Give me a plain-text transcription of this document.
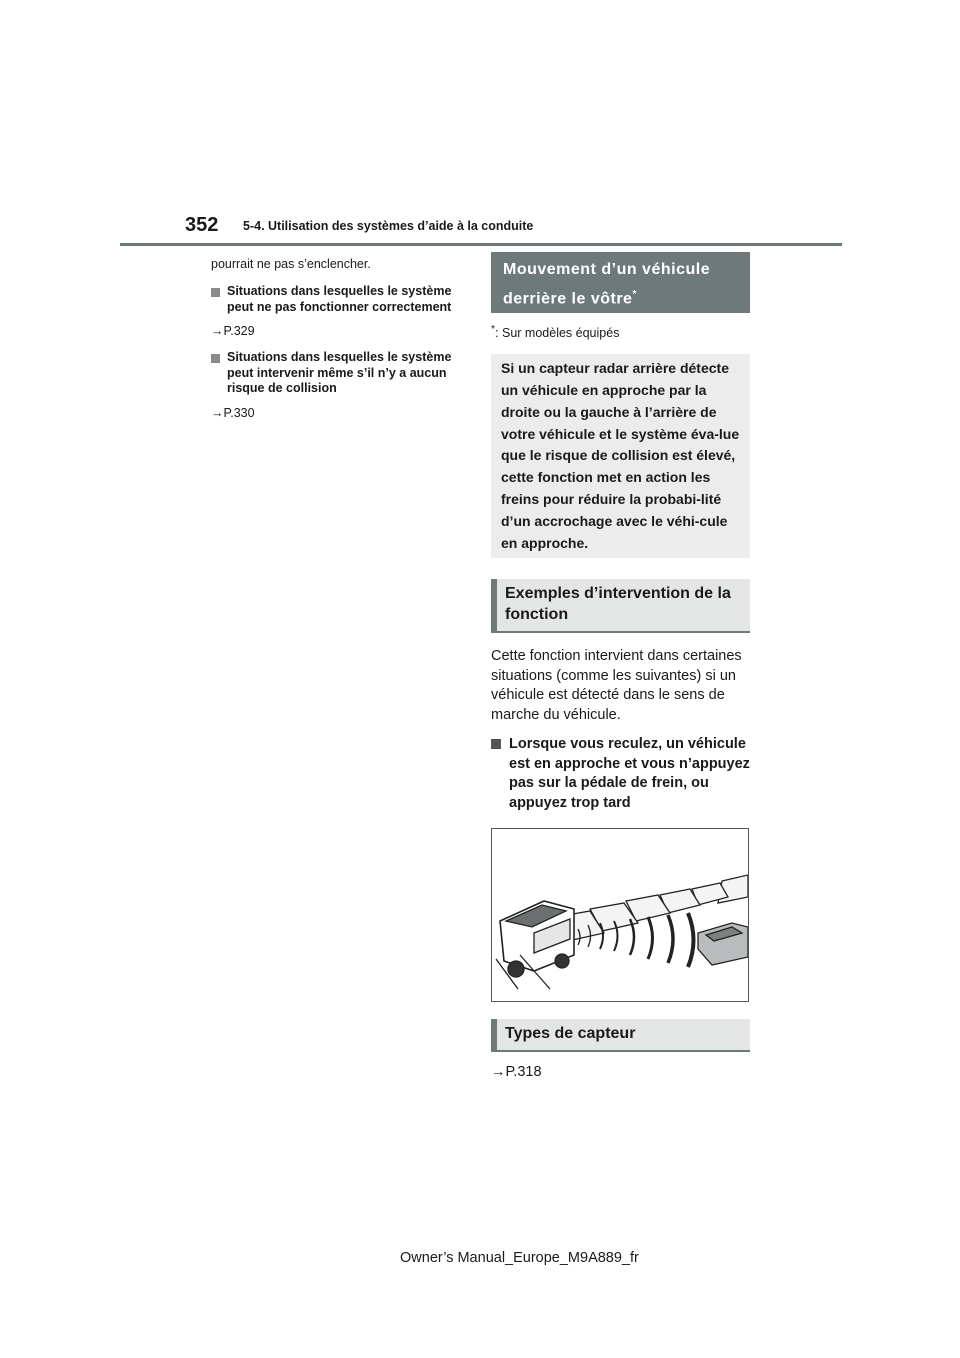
352 5-4. Utilisation des systèmes d’aide à la conduite

pourrait ne pas s’enclencher.

Situations dans lesquelles le système peut ne pas fonctionner correctement
→P.329
Situations dans lesquelles le système peut intervenir même s’il n’y a aucun risque de collision
→P.330
Mouvement d’un véhicule derrière le vôtre*
*: Sur modèles équipés
Si un capteur radar arrière détecte un véhicule en approche par la droite ou la gauche à l’arrière de votre véhicule et le système éva-lue que le risque de collision est élevé, cette fonction met en action les freins pour réduire la probabi-lité d’un accrochage avec le véhi-cule en approche.
Exemples d’intervention de la fonction
Cette fonction intervient dans certaines situations (comme les suivantes) si un véhicule est détecté dans le sens de marche du véhicule.
Lorsque vous reculez, un véhicule est en approche et vous n’appuyez pas sur la pédale de frein, ou appuyez trop tard
Types de capteur
→P.318
Owner’s Manual_Europe_M9A889_fr
